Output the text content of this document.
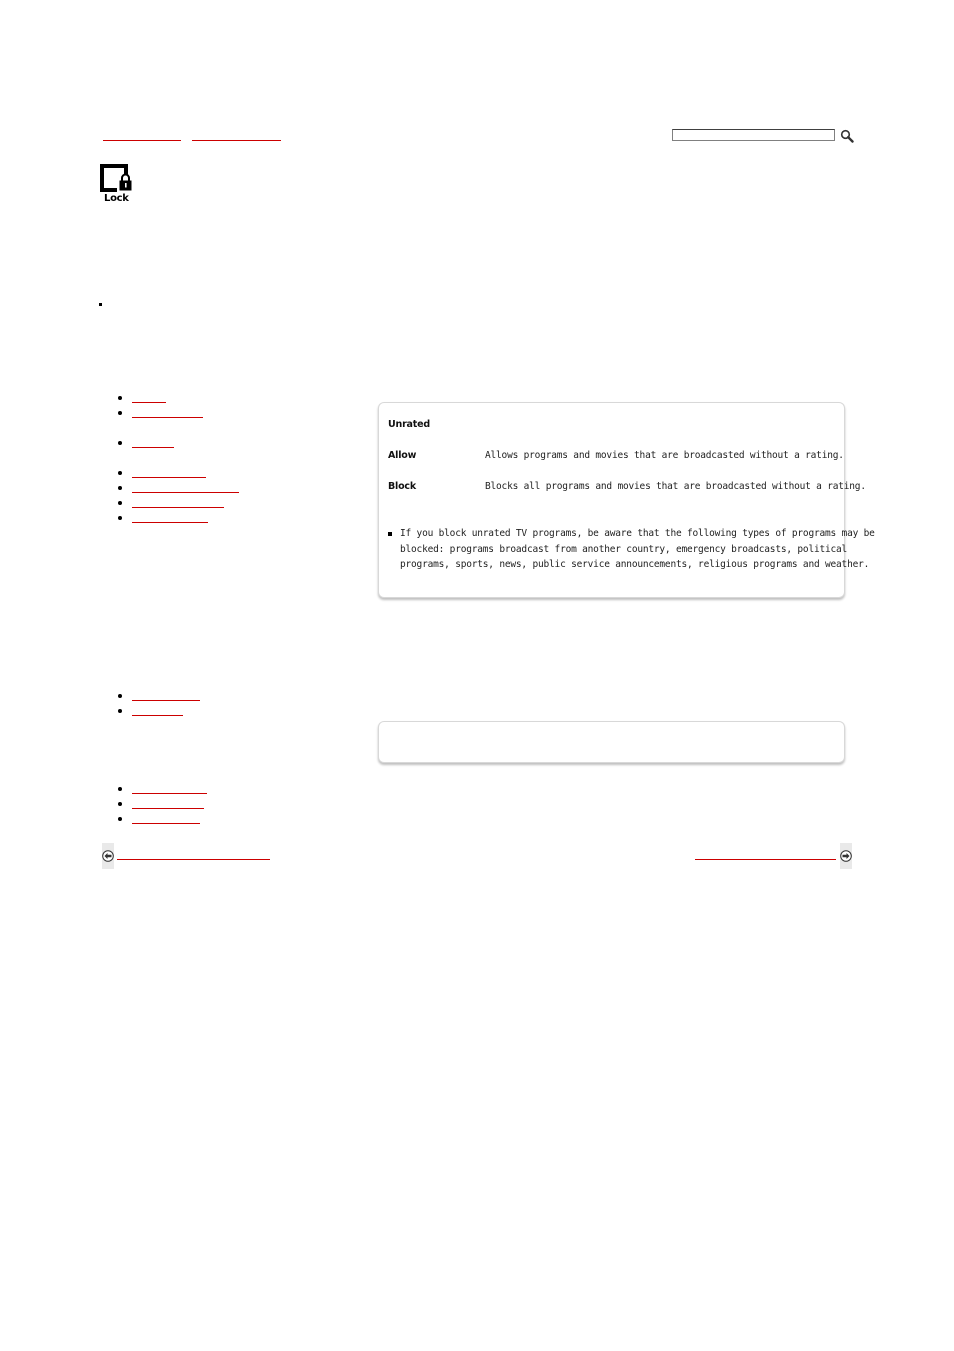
Lock
Unrated
Allow	Allows programs and movies that are broadcasted without a rating.
Block	Blocks all programs and movies that are broadcasted without a rating.
If you block unrated TV programs, be aware that the following types of programs may be
blocked: programs broadcast from another country, emergency broadcasts, political
programs, sports, news, public service announcements, religious programs and weather.
